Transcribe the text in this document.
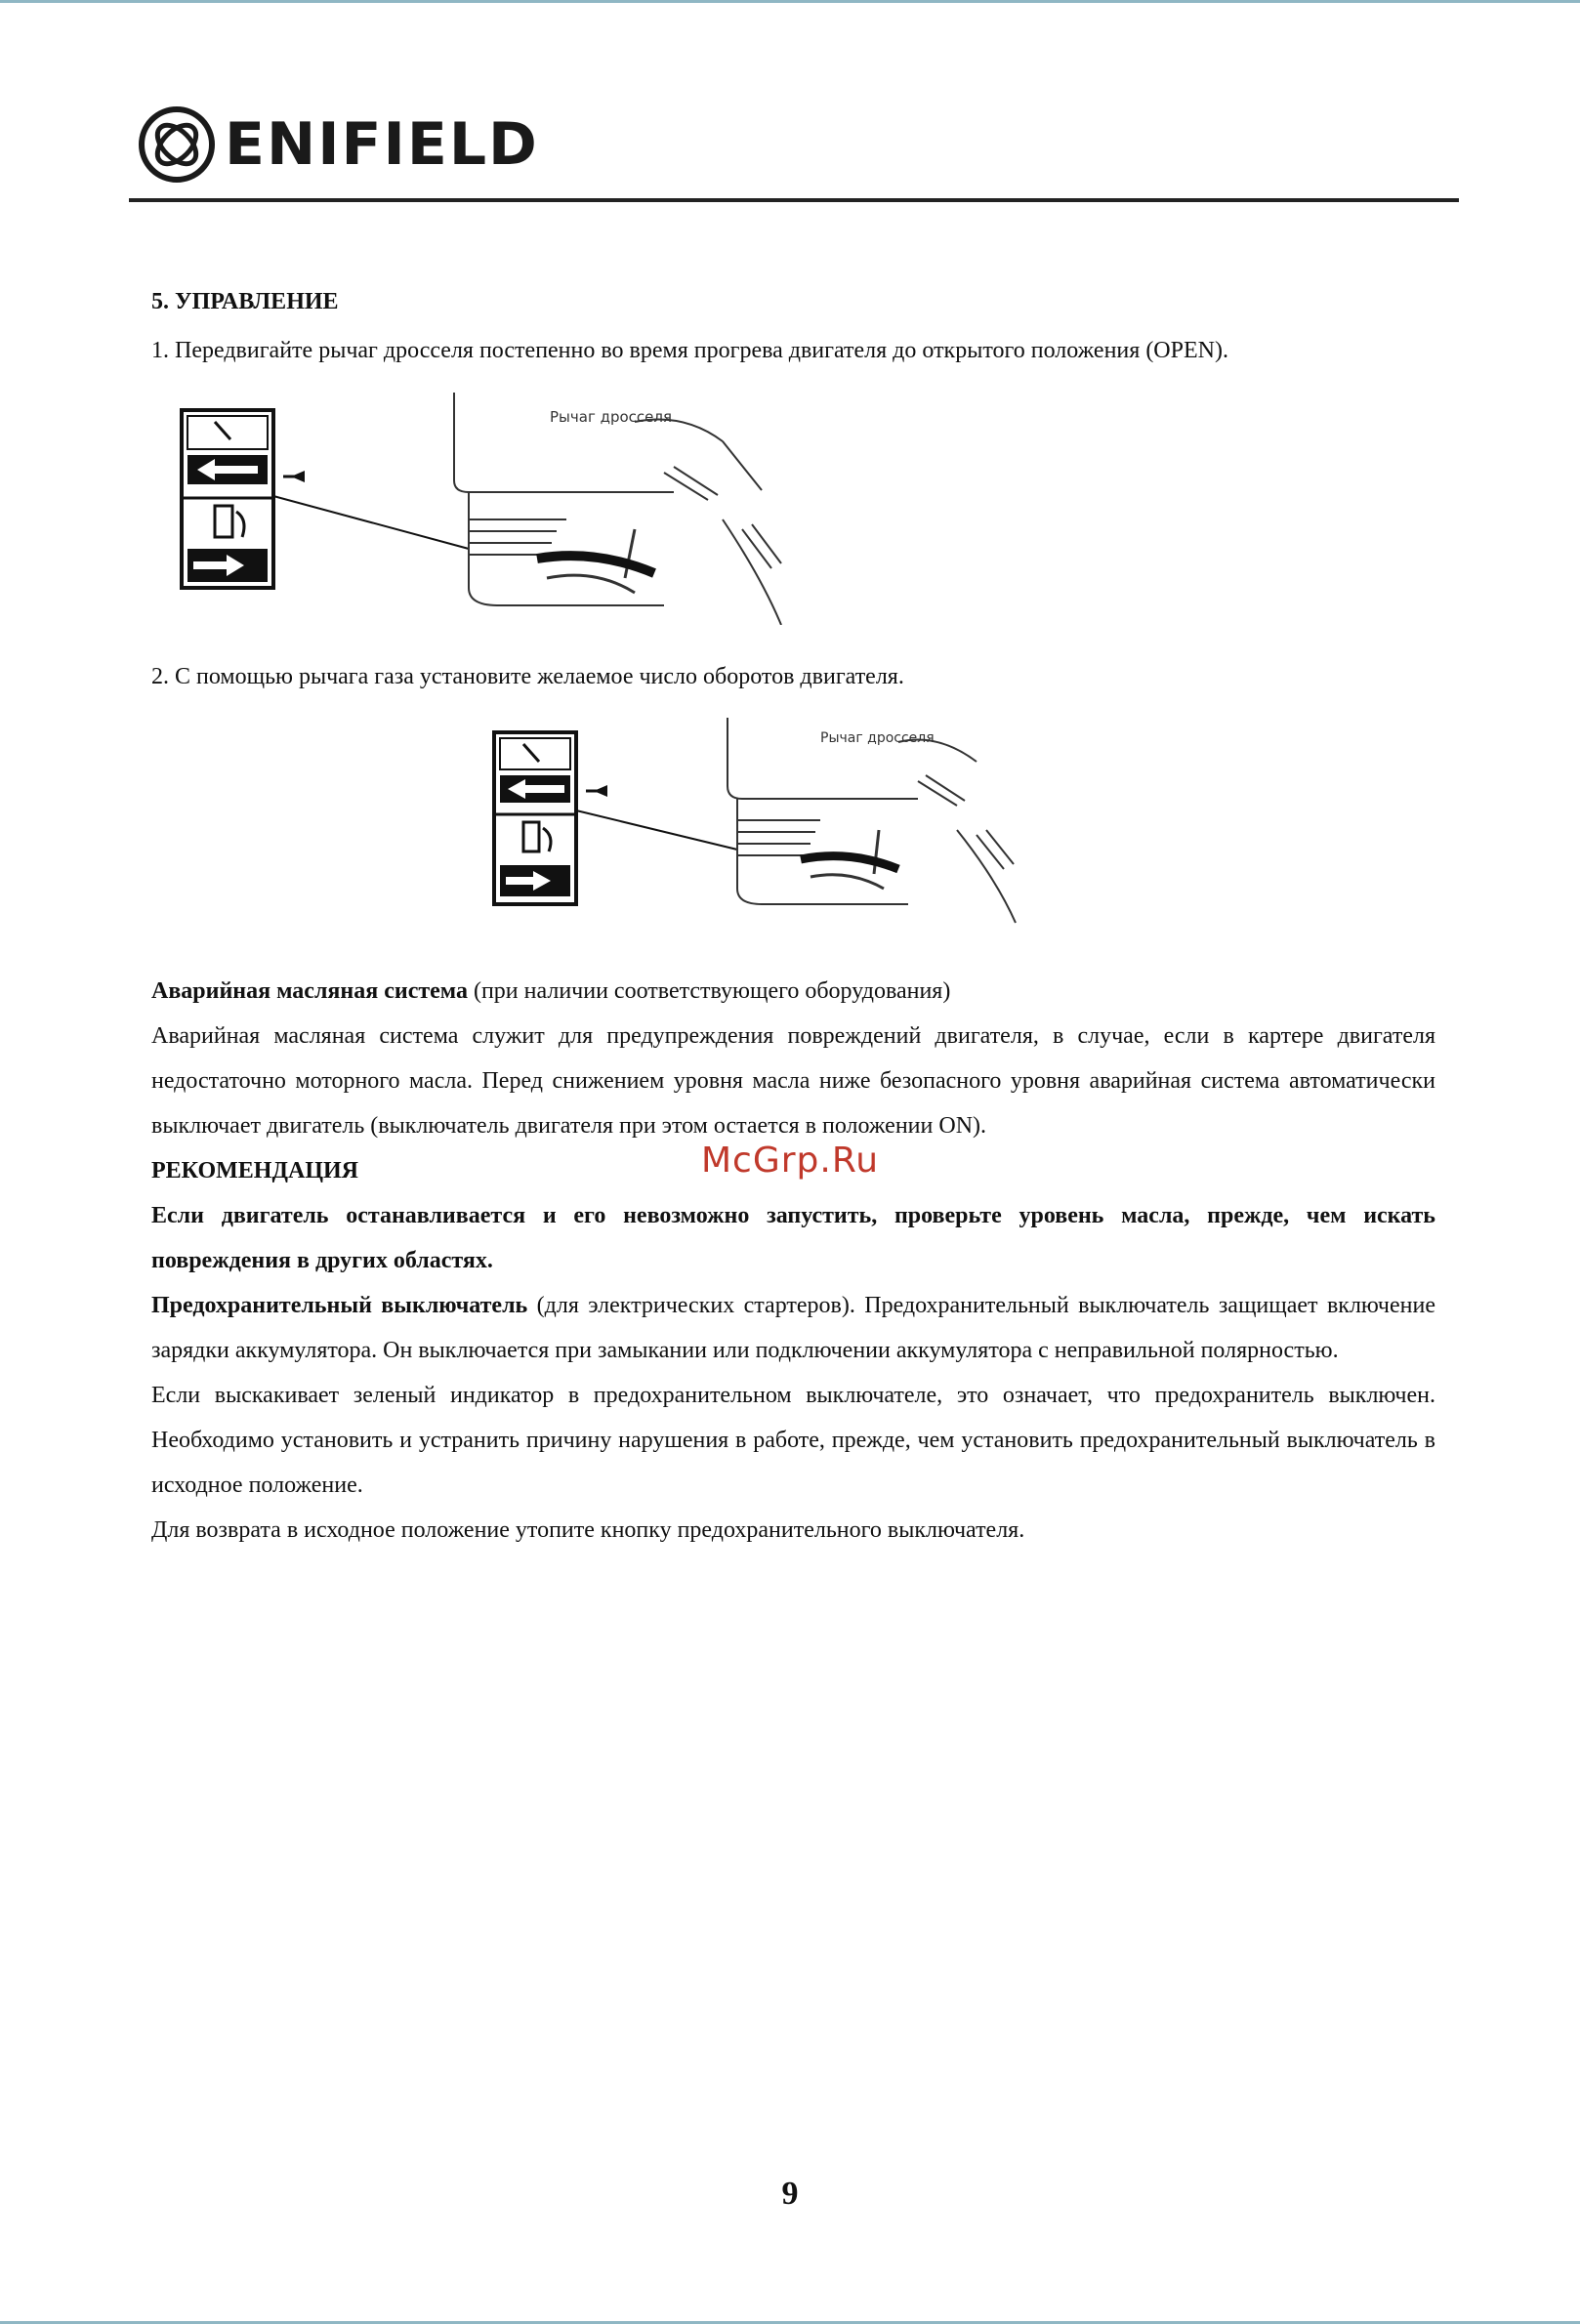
ENIFIELD
5. УПРАВЛЕНИЕ

1. Передвигайте рычаг дросселя постепенно во время прогрева двигателя до открытого положения (OPEN).

Рычаг дросселя

2. С помощью рычага газа установите желаемое число оборотов двигателя.

Рычаг дросселя

Аварийная масляная система (при наличии соответствующего оборудования)

Аварийная масляная система служит для предупреждения повреждений двигателя, в случае, если в картере двигателя недостаточно моторного масла. Перед снижением уровня масла ниже безопасного уровня аварийная система автоматически выключает двигатель (выключатель двигателя при этом остается в положении ON).

РЕКОМЕНДАЦИЯ

Если двигатель останавливается и его невозможно запустить, проверьте уровень масла, прежде, чем искать повреждения в других областях.

Предохранительный выключатель (для электрических стартеров). Предохранительный выключатель защищает включение зарядки аккумулятора. Он выключается при замыкании или подключении аккумулятора с неправильной полярностью.

Если выскакивает зеленый индикатор в предохранительном выключателе, это означает, что предохранитель выключен. Необходимо установить и устранить причину нарушения в работе, прежде, чем установить предохранительный выключатель в исходное положение.

Для возврата в исходное положение утопите кнопку предохранительного выключателя.

McGrp.Ru
9
